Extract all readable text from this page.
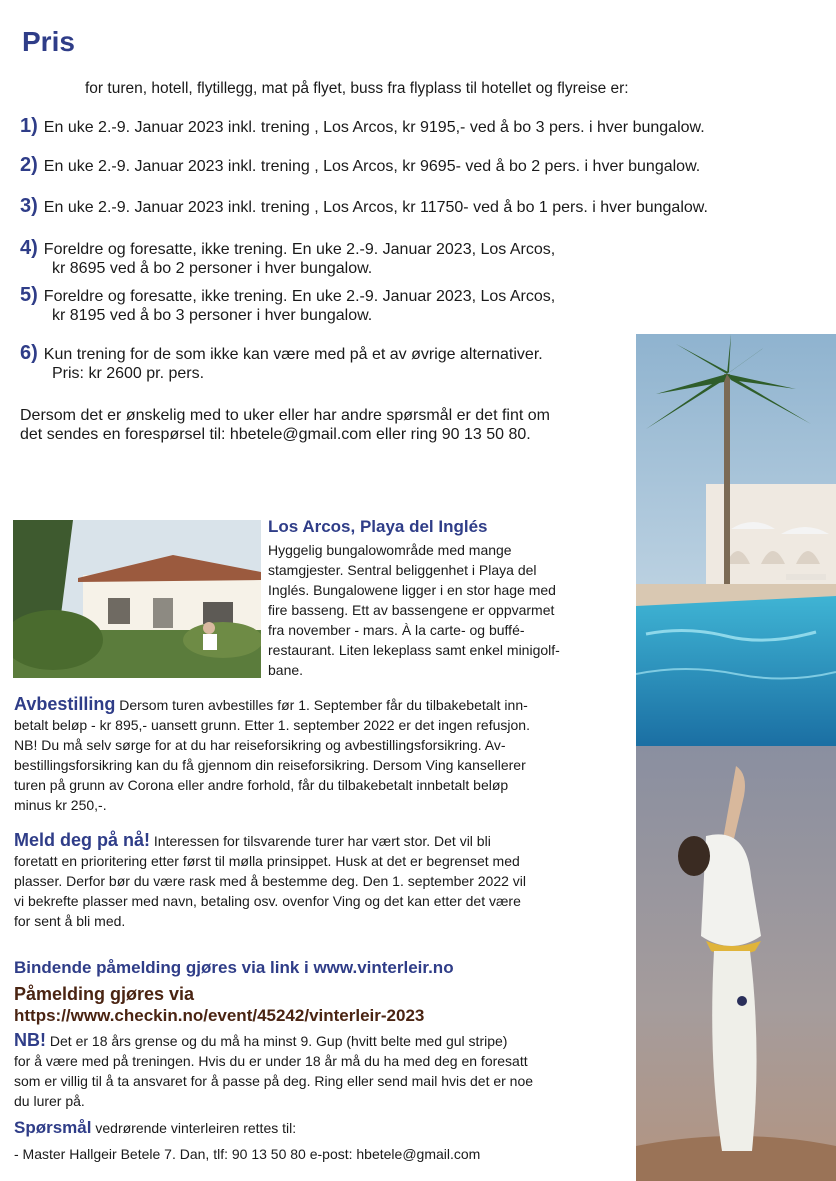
Pris
for turen, hotell, flytillegg, mat på flyet, buss fra flyplass til hotellet og flyreise er:
1) En uke 2.-9. Januar 2023 inkl. trening , Los Arcos, kr 9195,- ved å bo 3 pers. i hver bungalow.
2) En uke 2.-9. Januar 2023 inkl. trening , Los Arcos, kr 9695- ved å bo 2 pers. i hver bungalow.
3) En uke 2.-9. Januar 2023 inkl. trening , Los Arcos, kr 11750- ved å bo 1 pers. i hver bungalow.
4) Foreldre og foresatte, ikke trening. En uke 2.-9. Januar 2023, Los Arcos,
kr 8695 ved å bo 2 personer i hver bungalow.
5) Foreldre og foresatte, ikke trening. En uke 2.-9. Januar 2023, Los Arcos,
kr 8195 ved å bo 3 personer i hver bungalow.
6) Kun trening for de som ikke kan være med på et av øvrige alternativer.
Pris: kr 2600 pr. pers.
Dersom det er ønskelig med to uker eller har andre spørsmål er det fint om
det sendes en forespørsel til: hbetele@gmail.com eller ring 90 13 50 80.
Los Arcos, Playa del Inglés
Hyggelig bungalowområde med mange
stamgjester. Sentral beliggenhet i Playa del
Inglés. Bungalowene ligger i en stor hage med
fire basseng. Ett av bassengene er oppvarmet
fra november - mars. À la carte- og buffé-
restaurant. Liten lekeplass samt enkel minigolf-
bane.
Avbestilling Dersom turen avbestilles før 1. September får du tilbakebetalt inn-
betalt beløp - kr 895,- uansett grunn. Etter 1. september 2022 er det ingen refusjon.
NB! Du må selv sørge for at du har reiseforsikring og avbestillingsforsikring. Av-
bestillingsforsikring kan du få gjennom din reiseforsikring. Dersom Ving kansellerer
turen på grunn av Corona eller andre forhold, får du tilbakebetalt innbetalt beløp
minus kr 250,-.
Meld deg på nå! Interessen for tilsvarende turer har vært stor. Det vil bli
foretatt en prioritering etter først til mølla prinsippet. Husk at det er begrenset med
plasser. Derfor bør du være rask med å bestemme deg. Den 1. september 2022 vil
vi bekrefte plasser med navn, betaling osv. ovenfor Ving og det kan etter det være
for sent å bli med.
Bindende påmelding gjøres via link i www.vinterleir.no
Påmelding gjøres via
https://www.checkin.no/event/45242/vinterleir-2023
NB! Det er 18 års grense og du må ha minst 9. Gup (hvitt belte med gul stripe)
for å være med på treningen. Hvis du er under 18 år må du ha med deg en foresatt
som er villig til å ta ansvaret for å passe på deg. Ring eller send mail hvis det er noe
du lurer på.
Spørsmål vedrørende vinterleiren rettes til:
- Master Hallgeir Betele 7. Dan, tlf: 90 13 50 80 e-post: hbetele@gmail.com
